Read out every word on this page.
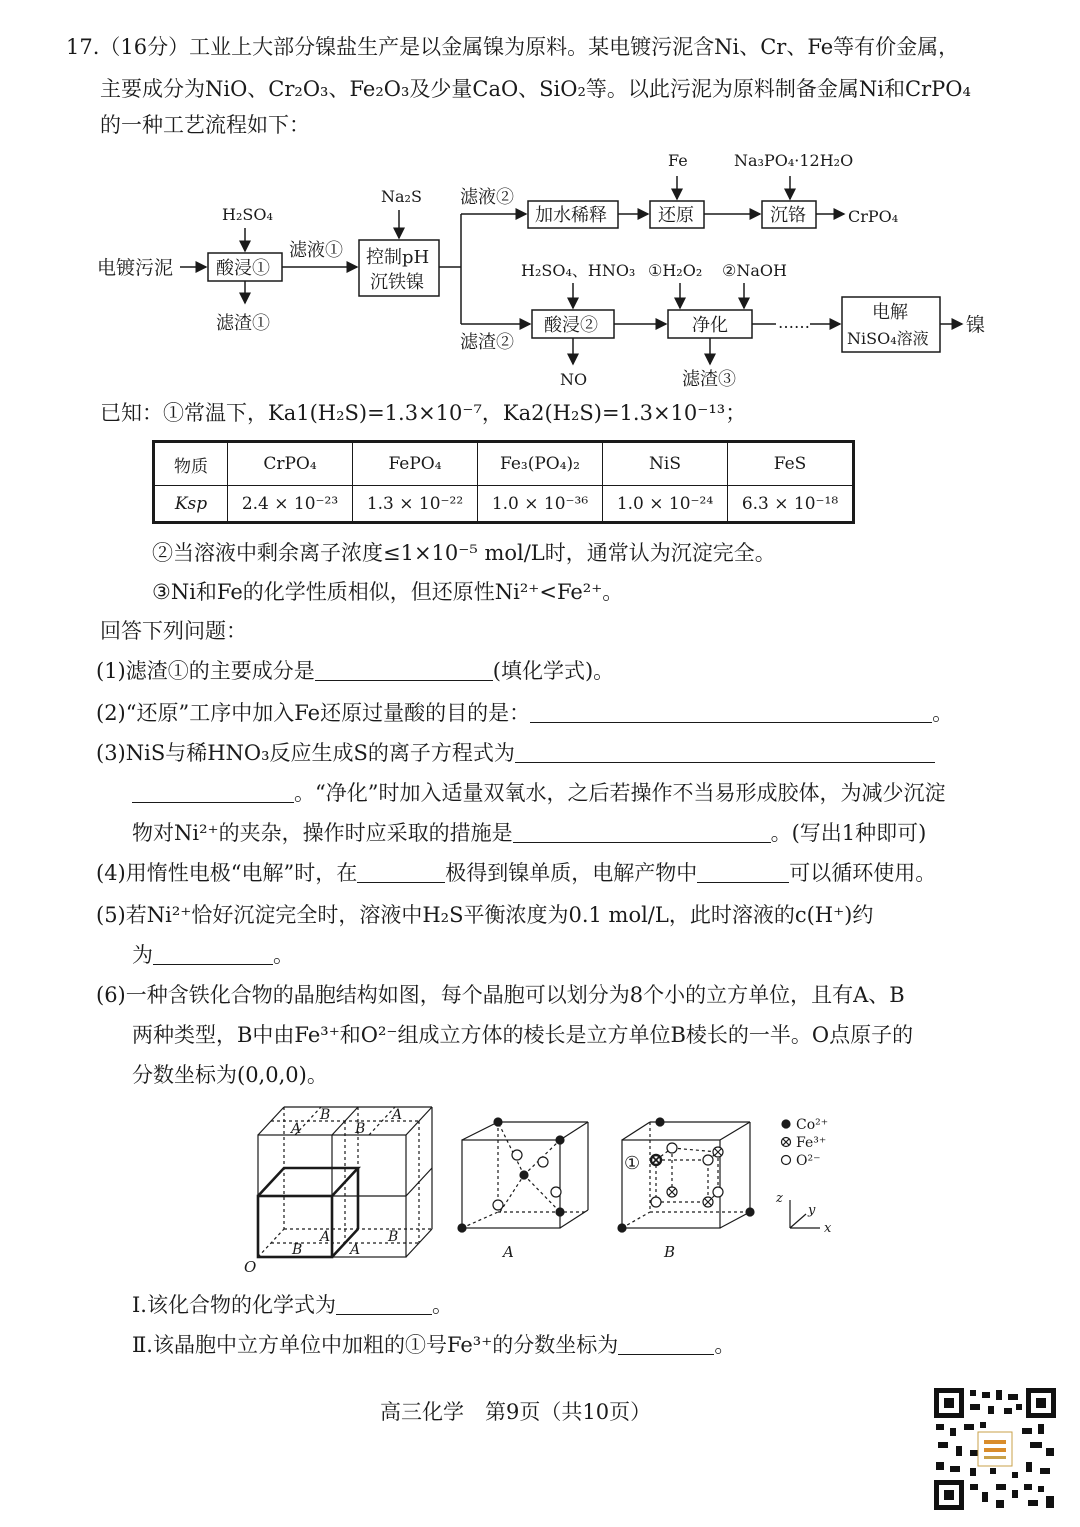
17.（16分）工业上大部分镍盐生产是以金属镍为原料。某电镀污泥含Ni、Cr、Fe等有价金属，
主要成分为NiO、Cr₂O₃、Fe₂O₃及少量CaO、SiO₂等。以此污泥为原料制备金属Ni和CrPO₄
的一种工艺流程如下：
电镀污泥
H₂SO₄
酸浸①
滤渣①
滤液①
Na₂S
控制pH
沉铁镍
滤液②
加水稀释
Fe
还原
Na₃PO₄·12H₂O
沉铬	CrPO₄
滤渣②
H₂SO₄、HNO₃
酸浸②
NO
①H₂O₂ ②NaOH
净化
滤渣③
……	电解
NiSO₄溶液
镍
已知：①常温下，Ka1(H₂S)=1.3×10⁻⁷，Ka2(H₂S)=1.3×10⁻¹³；
物质	CrPO₄	FePO₄	Fe₃(PO₄)₂	NiS	FeS
Ksp	2.4 × 10⁻²³	1.3 × 10⁻²²	1.0 × 10⁻³⁶	1.0 × 10⁻²⁴	6.3 × 10⁻¹⁸
②当溶液中剩余离子浓度≤1×10⁻⁵ mol/L时，通常认为沉淀完全。
③Ni和Fe的化学性质相似，但还原性Ni²⁺<Fe²⁺。
回答下列问题：
(1)滤渣①的主要成分是	(填化学式)。
(2)“还原”工序中加入Fe还原过量酸的目的是：	。
(3)NiS与稀HNO₃反应生成S的离子方程式为
。“净化”时加入适量双氧水，之后若操作不当易形成胶体，为减少沉淀
物对Ni²⁺的夹杂，操作时应采取的措施是	。(写出1种即可)
(4)用惰性电极“电解”时，在	极得到镍单质，电解产物中	可以循环使用。
(5)若Ni²⁺恰好沉淀完全时，溶液中H₂S平衡浓度为0.1 mol/L，此时溶液的c(H⁺)约
为	。
(6)一种含铁化合物的晶胞结构如图，每个晶胞可以划分为8个小的立方单位，且有A、B
两种类型，B中由Fe³⁺和O²⁻组成立方体的棱长是立方单位B棱长的一半。O点原子的
分数坐标为(0,0,0)。
B	A
A	B
B
A
B	A
O
A
①
B
Co²⁺
Fe³⁺
O²⁻
z
y
x
Ⅰ.该化合物的化学式为	。
Ⅱ.该晶胞中立方单位中加粗的①号Fe³⁺的分数坐标为	。
高三化学　第9页（共10页）
